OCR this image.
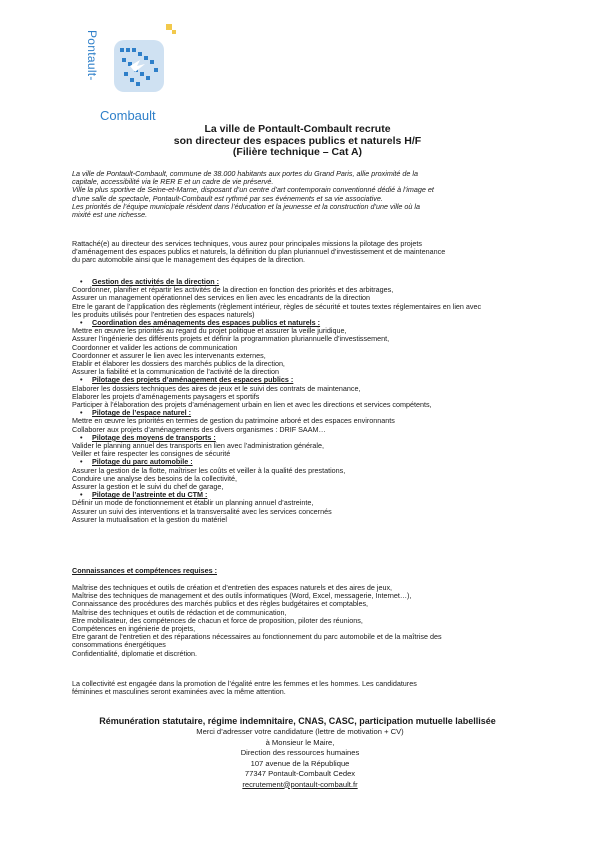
Pontault-
Combault
La ville de Pontault-Combault recrute
son directeur des espaces publics et naturels H/F
(Filière technique – Cat A)
La ville de Pontault-Combault, commune de 38.000 habitants aux portes du Grand Paris, allie proximité de la
capitale, accessibilité via le RER E et un cadre de vie préservé.
Ville la plus sportive de Seine-et-Marne, disposant d’un centre d’art contemporain conventionné dédié à l’image et
d’une salle de spectacle, Pontault-Combault est rythmé par ses événements et sa vie associative.
Les priorités de l’équipe municipale résident dans l’éducation et la jeunesse et la construction d’une ville où la
mixité est une richesse.
Rattaché(e) au directeur des services techniques, vous aurez pour principales missions la pilotage des projets
d’aménagement des espaces publics et naturels, la définition du plan pluriannuel d’investissement et de maintenance
du parc automobile ainsi que le management des équipes de la direction.
• Gestion des activités de la direction :
Coordonner, planifier et répartir les activités de la direction en fonction des priorités et des arbitrages,
Assurer un management opérationnel des services en lien avec les encadrants de la direction
Etre le garant de l’application des règlements (règlement intérieur, règles de sécurité et toutes textes réglementaires en lien avec
les produits utilisés pour l’entretien des espaces naturels)
• Coordination des aménagements des espaces publics et naturels :
Mettre en œuvre les priorités au regard du projet politique et assurer la veille juridique,
Assurer l’ingénierie des différents projets et définir la programmation pluriannuelle d’investissement,
Coordonner et valider les actions de communication
Coordonner et assurer le lien avec les intervenants externes,
Etablir et élaborer les dossiers des marchés publics de la direction,
Assurer la fiabilité et la communication de l’activité de la direction
• Pilotage des projets d’aménagement des espaces publics :
Elaborer les dossiers techniques des aires de jeux et le suivi des contrats de maintenance,
Elaborer les projets d’aménagements paysagers et sportifs
Participer à l’élaboration des projets d’aménagement urbain en lien et avec les directions et services compétents,
• Pilotage de l’espace naturel :
Mettre en œuvre les priorités en termes de gestion du patrimoine arboré et des espaces environnants
Collaborer aux projets d’aménagements des divers organismes : DRIF SAAM…
• Pilotage des moyens de transports :
Valider le planning annuel des transports en lien avec l’administration générale,
Veiller et faire respecter les consignes de sécurité
• Pilotage du parc automobile :
Assurer la gestion de la flotte, maîtriser les coûts et veiller à la qualité des prestations,
Conduire une analyse des besoins de la collectivité,
Assurer la gestion et le suivi du chef de garage,
• Pilotage de l’astreinte et du CTM :
Définir un mode de fonctionnement et établir un planning annuel d’astreinte,
Assurer un suivi des interventions et la transversalité avec les services concernés
Assurer la mutualisation et la gestion du matériel
Connaissances et compétences requises :
Maîtrise des techniques et outils de création et d’entretien des espaces naturels et des aires de jeux,
Maîtrise des techniques de management et des outils informatiques (Word, Excel, messagerie, Internet…),
Connaissance des procédures des marchés publics et des règles budgétaires et comptables,
Maîtrise des techniques et outils de rédaction et de communication,
Etre mobilisateur, des compétences de chacun et force de proposition, piloter des réunions,
Compétences en ingénierie de projets,
Etre garant de l’entretien et des réparations nécessaires au fonctionnement du parc automobile et de la maîtrise des
consommations énergétiques
Confidentialité, diplomatie et discrétion.
La collectivité est engagée dans la promotion de l’égalité entre les femmes et les hommes. Les candidatures
féminines et masculines seront examinées avec la même attention.
Rémunération statutaire, régime indemnitaire, CNAS, CASC, participation mutuelle labellisée
Merci d’adresser votre candidature (lettre de motivation + CV)
à Monsieur le Maire,
Direction des ressources humaines
107 avenue de la République
77347 Pontault-Combault Cedex
recrutement@pontault-combault.fr
